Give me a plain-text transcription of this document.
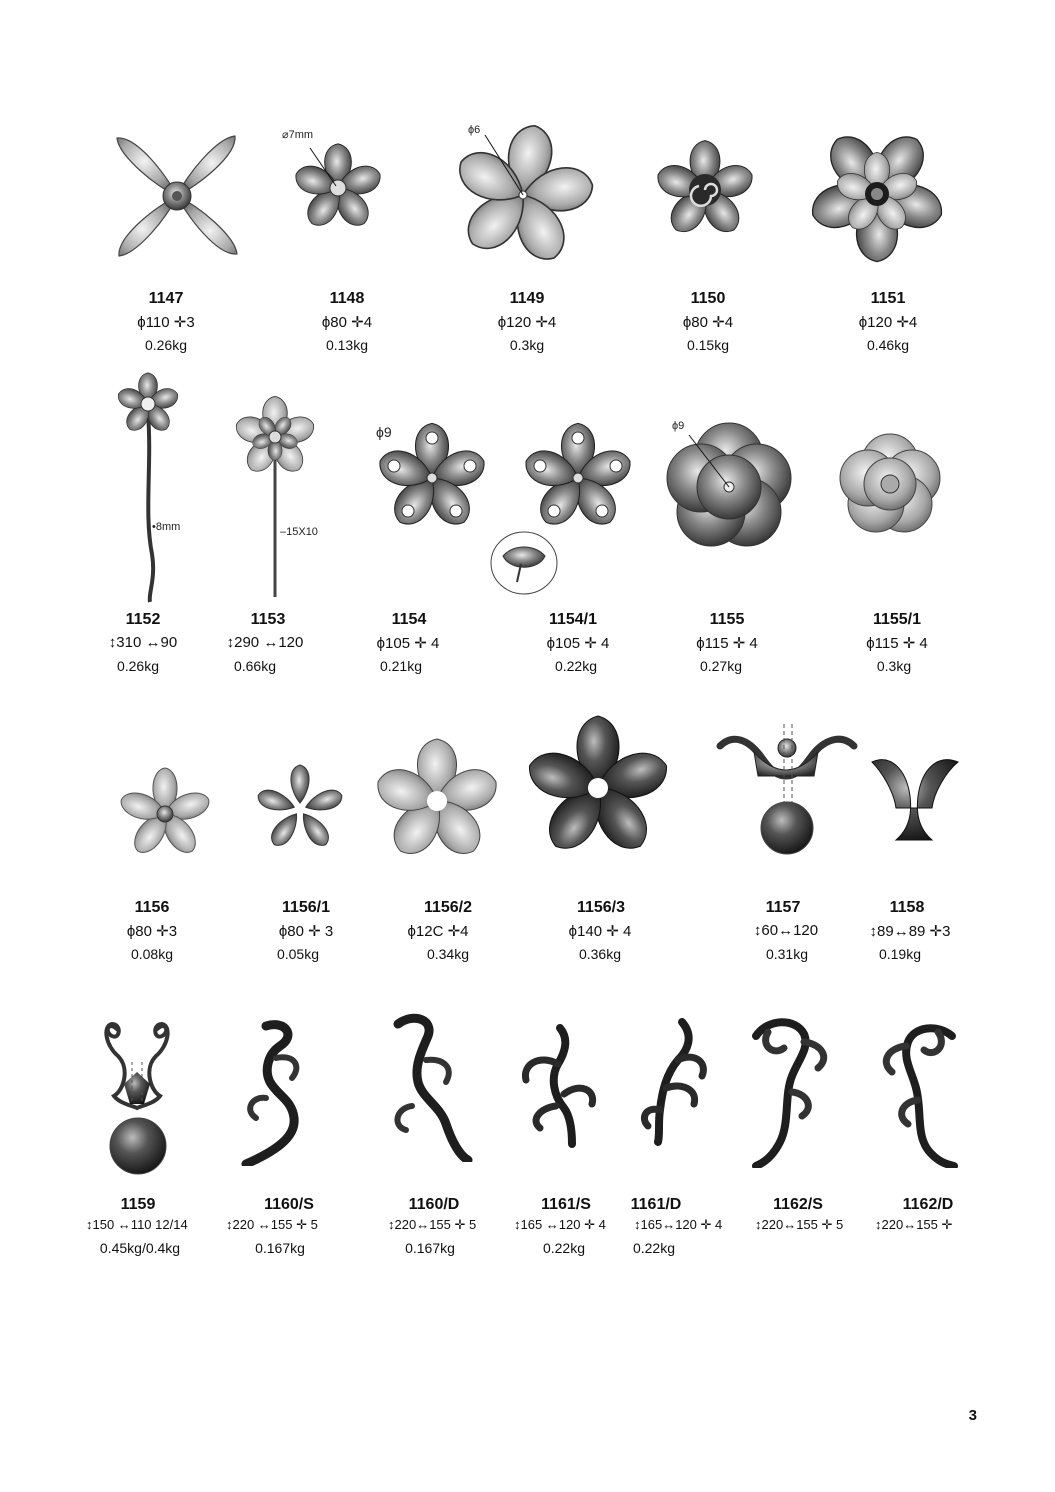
⌀7mm	ϕ6
1147
ϕ110 ✛3
0.26kg
1148
ϕ80 ✛4
0.13kg
1149
ϕ120 ✛4
0.3kg
1150
ϕ80 ✛4
0.15kg
1151
ϕ120 ✛4
0.46kg
•8mm	–15X10
ϕ9	ϕ9
1152
↕310 ↔90
0.26kg
1153
↕290 ↔120
0.66kg
1154
ϕ105 ✛ 4
0.21kg
1154/1
ϕ105 ✛ 4
0.22kg
1155
ϕ115 ✛ 4
0.27kg
1155/1
ϕ115 ✛ 4
0.3kg
1156
ϕ80 ✛3
0.08kg
1156/1
ϕ80 ✛ 3
0.05kg
1156/2
ϕ12C ✛4
0.34kg
1156/3
ϕ140 ✛ 4
0.36kg
1157
↕60↔120
0.31kg
1158
↕89↔89 ✛3
0.19kg
1159
↕150 ↔110 12/14
0.45kg/0.4kg
1160/S
↕220 ↔155 ✛ 5
0.167kg
1160/D
↕220↔155 ✛ 5
0.167kg
1161/S
↕165 ↔120 ✛ 4
0.22kg
1161/D
↕165↔120 ✛ 4
0.22kg
1162/S
↕220↔155 ✛ 5
1162/D
↕220↔155 ✛
3
